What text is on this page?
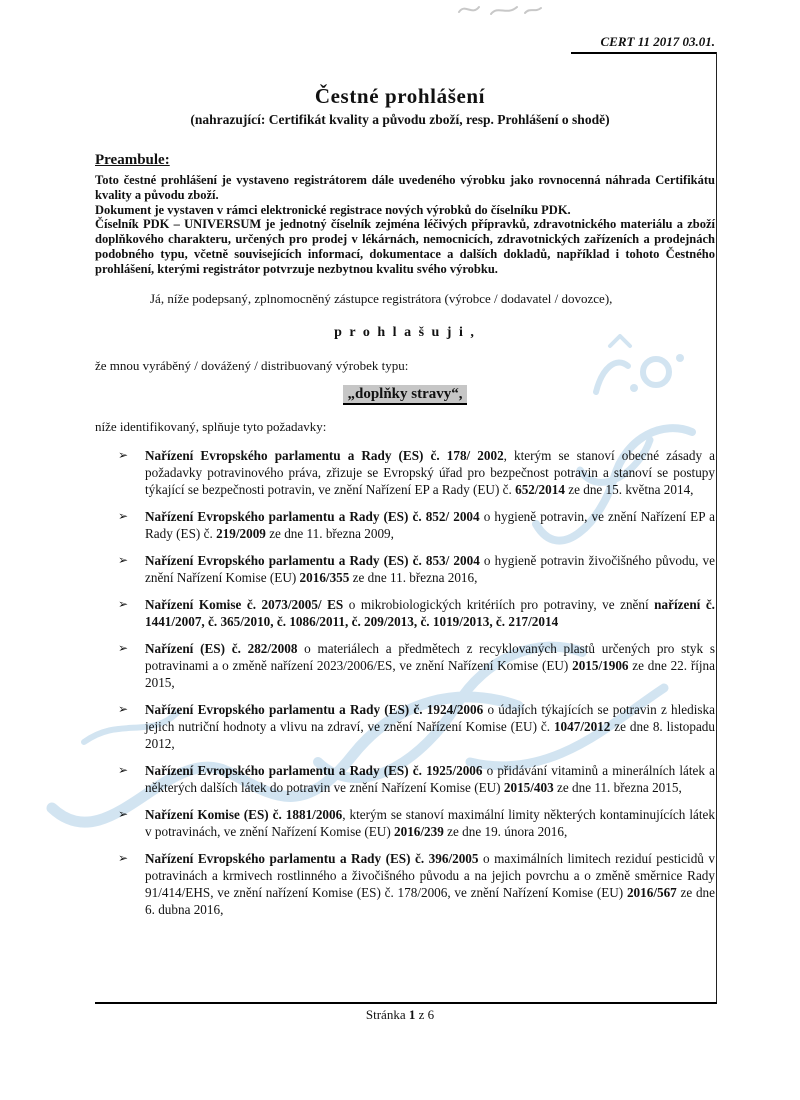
CERT 11 2017 03.01.
Čestné prohlášení
(nahrazující: Certifikát kvality a původu zboží, resp. Prohlášení o shodě)
Preambule:

Toto čestné prohlášení je vystaveno registrátorem dále uvedeného výrobku jako rovnocenná náhrada Certifikátu kvality a původu zboží.

Dokument je vystaven v rámci elektronické registrace nových výrobků do číselníku PDK.

Číselník PDK – UNIVERSUM je jednotný číselník zejména léčivých přípravků, zdravotnického materiálu a zboží doplňkového charakteru, určených pro prodej v lékárnách, nemocnicích, zdravotnických zařízeních a prodejnách podobného typu, včetně souvisejících informací, dokumentace a dalších dokladů, například i tohoto Čestného prohlášení, kterými registrátor potvrzuje nezbytnou kvalitu svého výrobku.

Já, níže podepsaný, zplnomocněný zástupce registrátora (výrobce / dodavatel / dovozce),

p r o h l a š u j i ,

že mnou vyráběný / dovážený / distribuovaný výrobek typu:

„doplňky stravy“,

níže identifikovaný, splňuje tyto požadavky:

➢ Nařízení Evropského parlamentu a Rady (ES) č. 178/ 2002, kterým se stanoví obecné zásady a požadavky potravinového práva, zřizuje se Evropský úřad pro bezpečnost potravin a stanoví se postupy týkající se bezpečnosti potravin, ve znění Nařízení EP a Rady (EU) č. 652/2014 ze dne 15. května 2014,
➢ Nařízení Evropského parlamentu a Rady (ES) č. 852/ 2004 o hygieně potravin, ve znění Nařízení EP a Rady (ES) č. 219/2009 ze dne 11. března 2009,
➢ Nařízení Evropského parlamentu a Rady (ES) č. 853/ 2004 o hygieně potravin živočišného původu, ve znění Nařízení Komise (EU) 2016/355 ze dne 11. března 2016,
➢ Nařízení Komise č. 2073/2005/ ES o mikrobiologických kritériích pro potraviny, ve znění nařízení č. 1441/2007, č. 365/2010, č. 1086/2011, č. 209/2013, č. 1019/2013, č. 217/2014
➢ Nařízení (ES) č. 282/2008 o materiálech a předmětech z recyklovaných plastů určených pro styk s potravinami a o změně nařízení 2023/2006/ES, ve znění Nařízení Komise (EU) 2015/1906 ze dne 22. října 2015,
➢ Nařízení Evropského parlamentu a Rady (ES) č. 1924/2006 o údajích týkajících se potravin z hlediska jejich nutriční hodnoty a vlivu na zdraví, ve znění Nařízení Komise (EU) č. 1047/2012 ze dne 8. listopadu 2012,
➢ Nařízení Evropského parlamentu a Rady (ES) č. 1925/2006 o přidávání vitaminů a minerálních látek a některých dalších látek do potravin ve znění Nařízení Komise (EU) 2015/403 ze dne 11. března 2015,
➢ Nařízení Komise (ES) č. 1881/2006, kterým se stanoví maximální limity některých kontaminujících látek v potravinách, ve znění Nařízení Komise (EU) 2016/239 ze dne 19. února 2016,
➢ Nařízení Evropského parlamentu a Rady (ES) č. 396/2005 o maximálních limitech reziduí pesticidů v potravinách a krmivech rostlinného a živočišného původu a na jejich povrchu a o změně směrnice Rady 91/414/EHS, ve znění nařízení Komise (ES) č. 178/2006, ve znění Nařízení Komise (EU) 2016/567 ze dne 6. dubna 2016,
Stránka 1 z 6
